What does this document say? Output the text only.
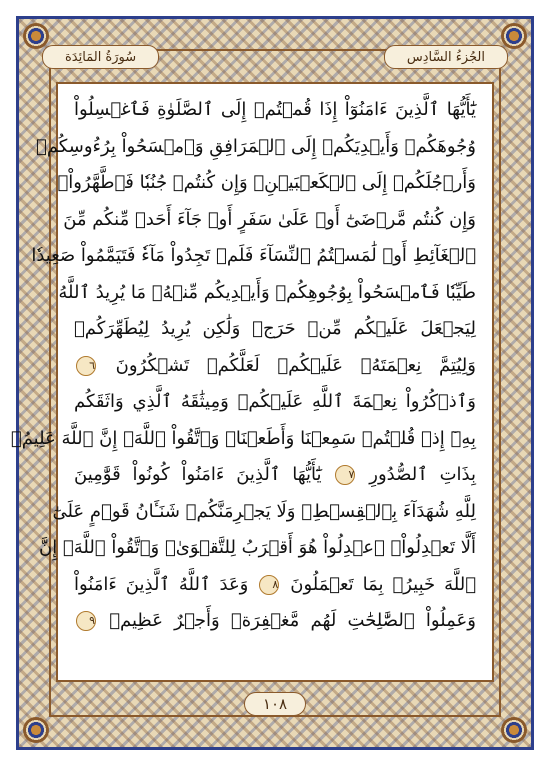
سُورَةُ المَائِدَة	الجُزءُ السَّادِس
يَٰٓأَيُّهَا ٱلَّذِينَ ءَامَنُوٓاْ إِذَا قُمۡتُمۡ إِلَى ٱلصَّلَوٰةِ فَٱغۡسِلُواْ
وُجُوهَكُمۡ وَأَيۡدِيَكُمۡ إِلَى ٱلۡمَرَافِقِ وَٱمۡسَحُواْ بِرُءُوسِكُمۡ
وَأَرۡجُلَكُمۡ إِلَى ٱلۡكَعۡبَيۡنِۚ وَإِن كُنتُمۡ جُنُبٗا فَٱطَّهَّرُواْۚ
وَإِن كُنتُم مَّرۡضَىٰٓ أَوۡ عَلَىٰ سَفَرٍ أَوۡ جَآءَ أَحَدٞ مِّنكُم مِّنَ
ٱلۡغَآئِطِ أَوۡ لَٰمَسۡتُمُ ٱلنِّسَآءَ فَلَمۡ تَجِدُواْ مَآءٗ فَتَيَمَّمُواْ صَعِيدٗا
طَيِّبٗا فَٱمۡسَحُواْ بِوُجُوهِكُمۡ وَأَيۡدِيكُم مِّنۡهُۚ مَا يُرِيدُ ٱللَّهُ
لِيَجۡعَلَ عَلَيۡكُم مِّنۡ حَرَجٖ وَلَٰكِن يُرِيدُ لِيُطَهِّرَكُمۡ
وَلِيُتِمَّ نِعۡمَتَهُۥ عَلَيۡكُمۡ لَعَلَّكُمۡ تَشۡكُرُونَ ٦
وَٱذۡكُرُواْ نِعۡمَةَ ٱللَّهِ عَلَيۡكُمۡ وَمِيثَٰقَهُ ٱلَّذِي وَاثَقَكُم
بِهِۦٓ إِذۡ قُلۡتُمۡ سَمِعۡنَا وَأَطَعۡنَاۖ وَٱتَّقُواْ ٱللَّهَۚ إِنَّ ٱللَّهَ عَلِيمُۢ
بِذَاتِ ٱلصُّدُورِ ٧ يَٰٓأَيُّهَا ٱلَّذِينَ ءَامَنُواْ كُونُواْ قَوَّٰمِينَ
لِلَّهِ شُهَدَآءَ بِٱلۡقِسۡطِۖ وَلَا يَجۡرِمَنَّكُمۡ شَنَـَٔانُ قَوۡمٍ عَلَىٰٓ
أَلَّا تَعۡدِلُواْۚ ٱعۡدِلُواْ هُوَ أَقۡرَبُ لِلتَّقۡوَىٰۖ وَٱتَّقُواْ ٱللَّهَۚ إِنَّ
ٱللَّهَ خَبِيرُۢ بِمَا تَعۡمَلُونَ ٨ وَعَدَ ٱللَّهُ ٱلَّذِينَ ءَامَنُواْ
وَعَمِلُواْ ٱلصَّٰلِحَٰتِ لَهُم مَّغۡفِرَةٞ وَأَجۡرٌ عَظِيمٞ ٩
١٠٨
